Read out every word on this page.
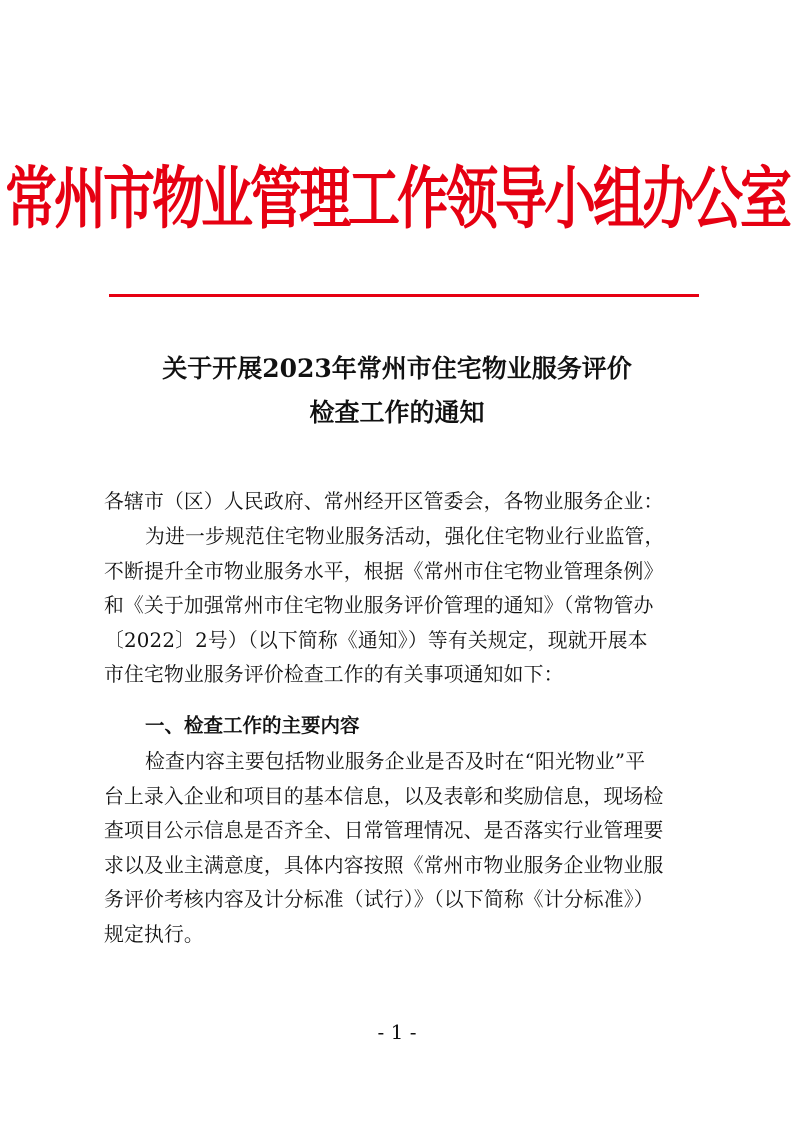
常州市物业管理工作领导小组办公室
关于开展2023年常州市住宅物业服务评价
检查工作的通知

各辖市（区）人民政府、常州经开区管委会，各物业服务企业：

为进一步规范住宅物业服务活动，强化住宅物业行业监管，
不断提升全市物业服务水平，根据《常州市住宅物业管理条例》
和《关于加强常州市住宅物业服务评价管理的通知》（常物管办
〔2022〕2号）（以下简称《通知》）等有关规定，现就开展本
市住宅物业服务评价检查工作的有关事项通知如下：
一、检查工作的主要内容
检查内容主要包括物业服务企业是否及时在“阳光物业”平
台上录入企业和项目的基本信息，以及表彰和奖励信息，现场检
查项目公示信息是否齐全、日常管理情况、是否落实行业管理要
求以及业主满意度，具体内容按照《常州市物业服务企业物业服
务评价考核内容及计分标准（试行）》（以下简称《计分标准》）
规定执行。
- 1 -
